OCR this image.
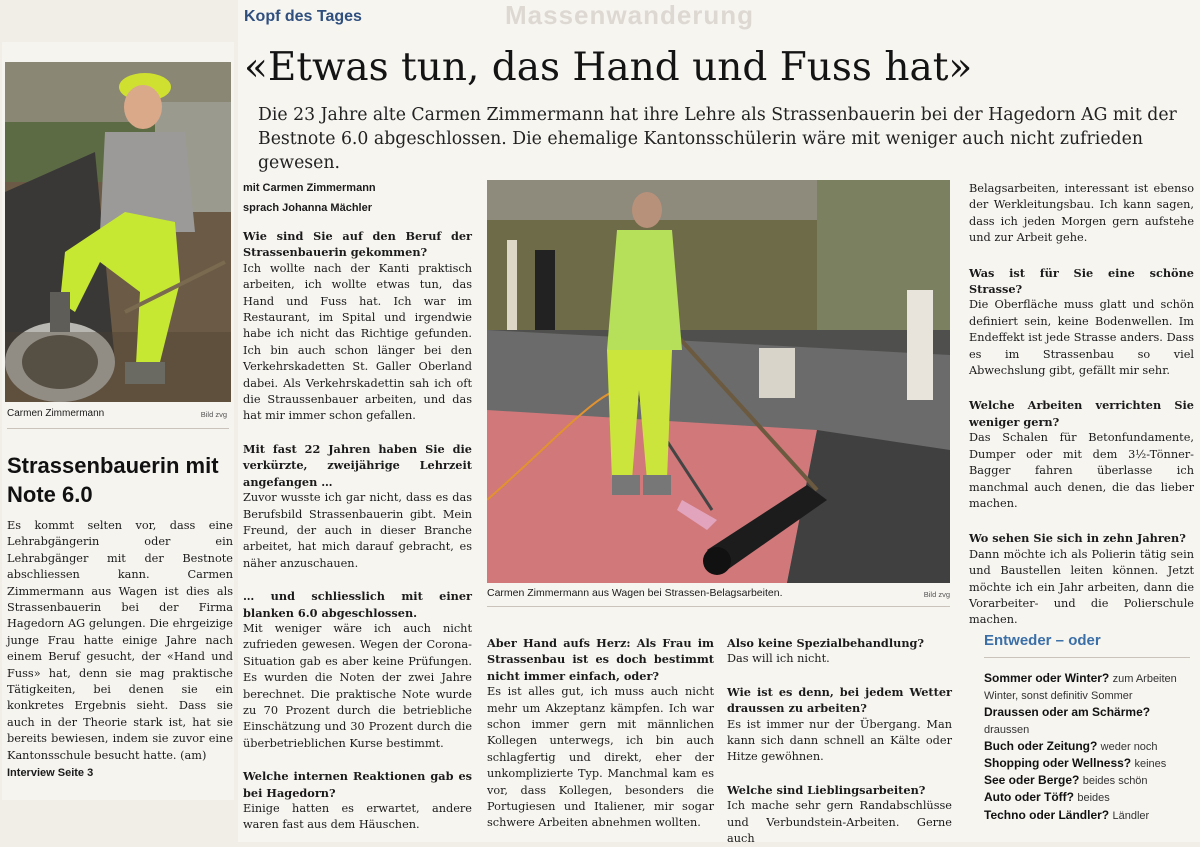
Carmen Zimmermann	Bild zvg
Strassenbauerin mit Note 6.0
Es kommt selten vor, dass eine Lehrabgängerin oder ein Lehrabgänger mit der Bestnote abschliessen kann. Carmen Zimmermann aus Wagen ist dies als Strassenbauerin bei der Firma Hagedorn AG gelungen. Die ehrgeizige junge Frau hatte einige Jahre nach einem Beruf gesucht, der «Hand und Fuss» hat, denn sie mag praktische Tätigkeiten, bei denen sie ein konkretes Ergebnis sieht. Dass sie auch in der Theorie stark ist, hat sie bereits bewiesen, indem sie zuvor eine Kantonsschule besucht hatte. (am)
Interview Seite 3
Massenwanderung
Kopf des Tages
«Etwas tun, das Hand und Fuss hat»
Die 23 Jahre alte Carmen Zimmermann hat ihre Lehre als Strassenbauerin bei der Hagedorn AG mit der Bestnote 6.0 abgeschlossen. Die ehemalige Kantonsschülerin wäre mit weniger auch nicht zufrieden gewesen.
mit Carmen Zimmermann
sprach Johanna Mächler

Wie sind Sie auf den Beruf der Strassenbauerin gekommen?

Ich wollte nach der Kanti praktisch arbeiten, ich wollte etwas tun, das Hand und Fuss hat. Ich war im Restaurant, im Spital und irgendwie habe ich nicht das Richtige gefunden. Ich bin auch schon länger bei den Verkehrskadetten St. Galler Oberland dabei. Als Verkehrskadettin sah ich oft die Straussenbauer arbeiten, und das hat mir immer schon gefallen.

Mit fast 22 Jahren haben Sie die verkürzte, zweijährige Lehrzeit angefangen …

Zuvor wusste ich gar nicht, dass es das Berufsbild Strassenbauerin gibt. Mein Freund, der auch in dieser Branche arbeitet, hat mich darauf gebracht, es näher anzuschauen.

… und schliesslich mit einer blanken 6.0 abgeschlossen.

Mit weniger wäre ich auch nicht zufrieden gewesen. Wegen der Corona-Situation gab es aber keine Prüfungen. Es wurden die Noten der zwei Jahre berechnet. Die praktische Note wurde zu 70 Prozent durch die betriebliche Einschätzung und 30 Prozent durch die überbetrieblichen Kurse bestimmt.

Welche internen Reaktionen gab es bei Hagedorn?

Einige hatten es erwartet, andere waren fast aus dem Häuschen.

Carmen Zimmermann aus Wagen bei Strassen-Belagsarbeiten.	Bild zvg

Belagsarbeiten, interessant ist ebenso der Werkleitungsbau. Ich kann sagen, dass ich jeden Morgen gern aufstehe und zur Arbeit gehe.

Was ist für Sie eine schöne Strasse?

Die Oberfläche muss glatt und schön definiert sein, keine Bodenwellen. Im Endeffekt ist jede Strasse anders. Dass es im Strassenbau so viel Abwechslung gibt, gefällt mir sehr.

Welche Arbeiten verrichten Sie weniger gern?

Das Schalen für Betonfundamente, Dumper oder mit dem 3½-Tönner-Bagger fahren überlasse ich manchmal auch denen, die das lieber machen.

Wo sehen Sie sich in zehn Jahren?

Dann möchte ich als Polierin tätig sein und Baustellen leiten können. Jetzt möchte ich ein Jahr arbeiten, dann die Vorarbeiter- und die Polierschule machen.

Aber Hand aufs Herz: Als Frau im Strassenbau ist es doch bestimmt nicht immer einfach, oder?

Es ist alles gut, ich muss auch nicht mehr um Akzeptanz kämpfen. Ich war schon immer gern mit männlichen Kollegen unterwegs, ich bin auch schlagfertig und direkt, eher der unkomplizierte Typ. Manchmal kam es vor, dass Kollegen, besonders die Portugiesen und Italiener, mir sogar schwere Arbeiten abnehmen wollten.

Also keine Spezialbehandlung?

Das will ich nicht.

Wie ist es denn, bei jedem Wetter draussen zu arbeiten?

Es ist immer nur der Übergang. Man kann sich dann schnell an Kälte oder Hitze gewöhnen.

Welche sind Lieblingsarbeiten?

Ich mache sehr gern Randabschlüsse und Verbundstein-Arbeiten. Gerne auch

Entweder – oder
Sommer oder Winter? zum Arbeiten Winter, sonst definitiv Sommer
Draussen oder am Schärme? draussen
Buch oder Zeitung? weder noch
Shopping oder Wellness? keines
See oder Berge? beides schön
Auto oder Töff? beides
Techno oder Ländler? Ländler
